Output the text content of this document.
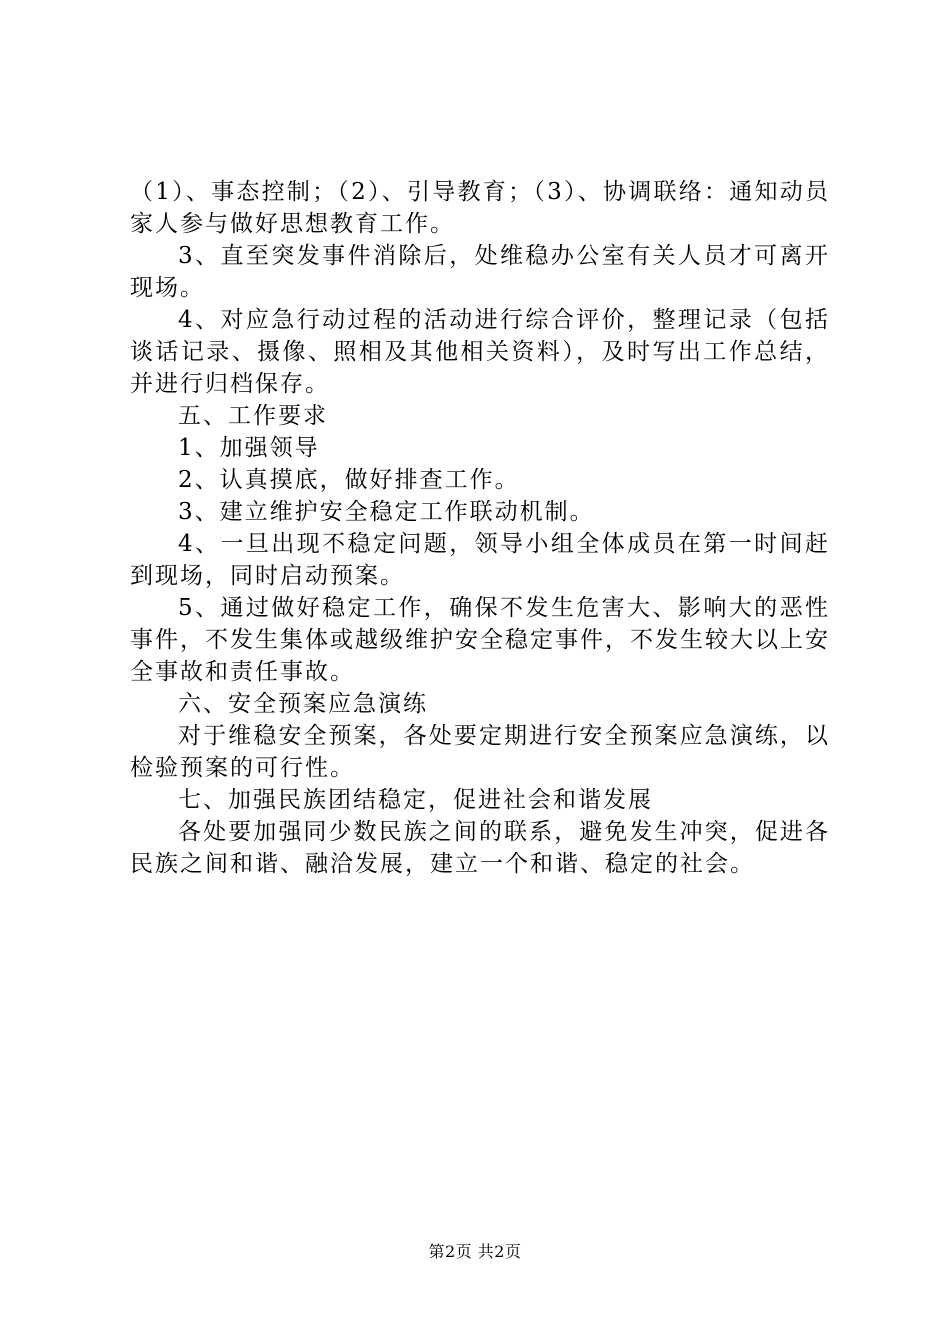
（1）、事态控制；（2）、引导教育；（3）、协调联络：通知动员家人参与做好思想教育工作。

3、直至突发事件消除后，处维稳办公室有关人员才可离开现场。

4、对应急行动过程的活动进行综合评价，整理记录（包括谈话记录、摄像、照相及其他相关资料），及时写出工作总结，并进行归档保存。

五、工作要求

1、加强领导

2、认真摸底，做好排查工作。

3、建立维护安全稳定工作联动机制。

4、一旦出现不稳定问题，领导小组全体成员在第一时间赶到现场，同时启动预案。

5、通过做好稳定工作，确保不发生危害大、影响大的恶性事件，不发生集体或越级维护安全稳定事件，不发生较大以上安全事故和责任事故。

六、安全预案应急演练

对于维稳安全预案，各处要定期进行安全预案应急演练，以检验预案的可行性。

七、加强民族团结稳定，促进社会和谐发展

各处要加强同少数民族之间的联系，避免发生冲突，促进各民族之间和谐、融洽发展，建立一个和谐、稳定的社会。

第2页 共2页
